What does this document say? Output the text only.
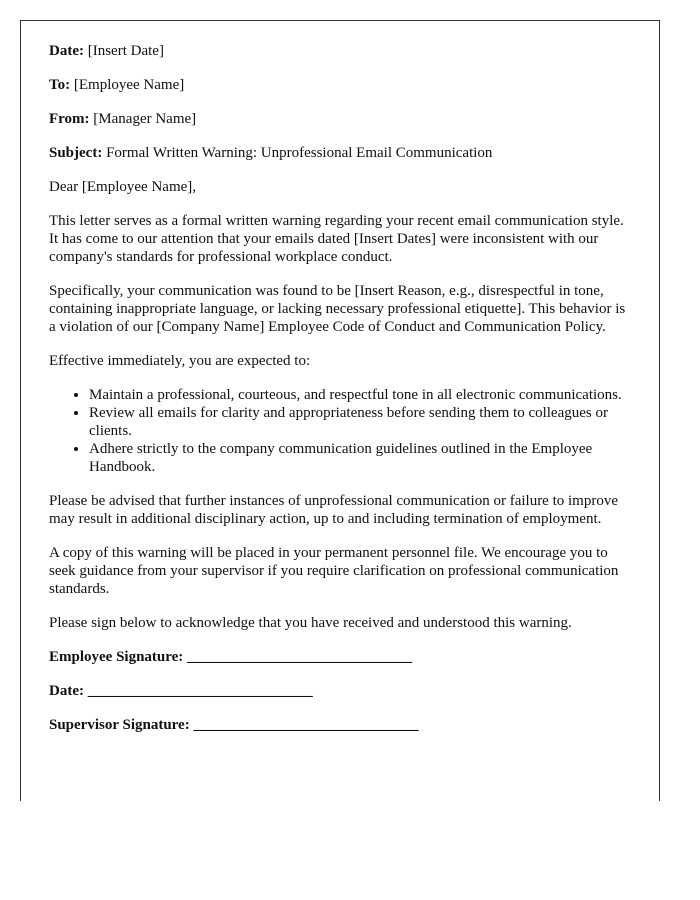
Date: [Insert Date]

To: [Employee Name]

From: [Manager Name]

Subject: Formal Written Warning: Unprofessional Email Communication

Dear [Employee Name],

This letter serves as a formal written warning regarding your recent email communication style. It has come to our attention that your emails dated [Insert Dates] were inconsistent with our company's standards for professional workplace conduct.

Specifically, your communication was found to be [Insert Reason, e.g., disrespectful in tone, containing inappropriate language, or lacking necessary professional etiquette]. This behavior is a violation of our [Company Name] Employee Code of Conduct and Communication Policy.

Effective immediately, you are expected to:

• Maintain a professional, courteous, and respectful tone in all electronic communications.
• Review all emails for clarity and appropriateness before sending them to colleagues or clients.
• Adhere strictly to the company communication guidelines outlined in the Employee Handbook.

Please be advised that further instances of unprofessional communication or failure to improve may result in additional disciplinary action, up to and including termination of employment.

A copy of this warning will be placed in your permanent personnel file. We encourage you to seek guidance from your supervisor if you require clarification on professional communication standards.

Please sign below to acknowledge that you have received and understood this warning.

Employee Signature: ______________________________

Date: ______________________________

Supervisor Signature: ______________________________
